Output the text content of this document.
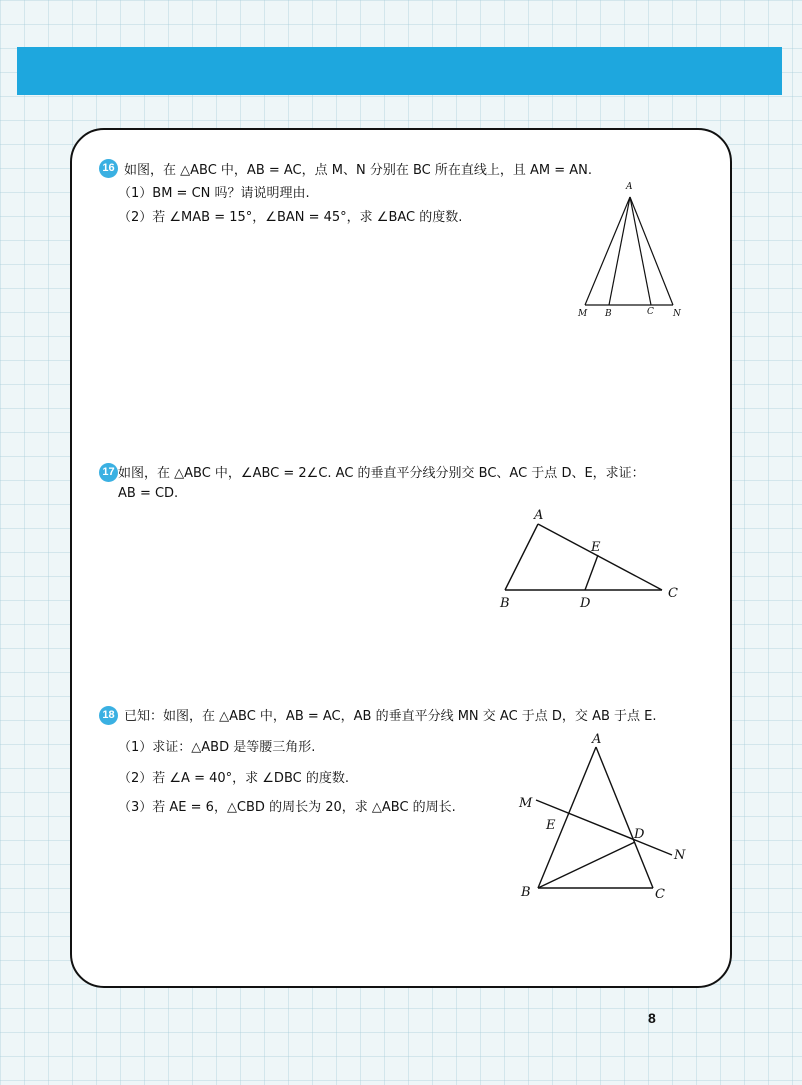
16 如图，在 △ABC 中，AB = AC，点 M、N 分别在 BC 所在直线上，且 AM = AN.
（1）BM = CN 吗？请说明理由.
（2）若 ∠MAB = 15°，∠BAN = 45°，求 ∠BAC 的度数.
A
M B	C N
17 如图，在 △ABC 中，∠ABC = 2∠C. AC 的垂直平分线分别交 BC、AC 于点 D、E，求证：
AB = CD.
A
E
B	D
C
18 已知：如图，在 △ABC 中，AB = AC，AB 的垂直平分线 MN 交 AC 于点 D，交 AB 于点 E.
（1）求证：△ABD 是等腰三角形.
（2）若 ∠A = 40°，求 ∠DBC 的度数.
（3）若 AE = 6，△CBD 的周长为 20，求 △ABC 的周长.
A
M
E
D
N
B	C
8
